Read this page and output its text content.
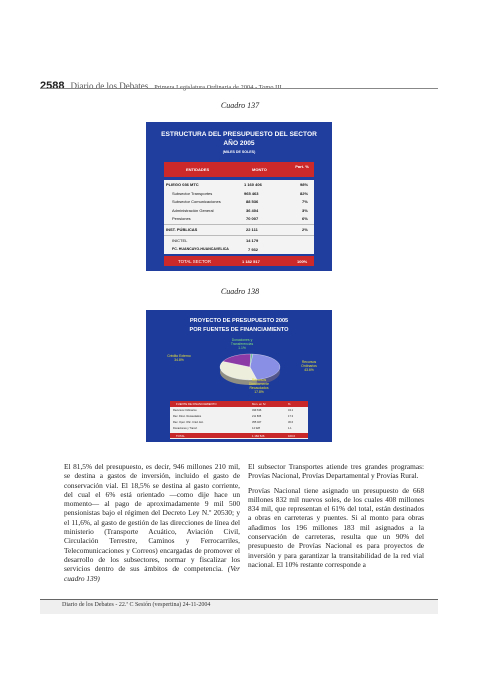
2588 Diario de los Debates Primera Legislatura Ordinaria de 2004 - Tomo III
Cuadro 137
ESTRUCTURA DEL PRESUPUESTO DEL SECTOR
AÑO 2005
(MILES DE SOLES)
ENTIDADES	MONTO
Part. %
PLIEGO 036 MTC	1 160 406	98%
Subsector Transportes	965 463	82%
Subsector Comunicaciones	88 536	7%
Administración General	36 404	3%
Pensiones	70 007	6%
INST. PÚBLICAS	22 111	2%
INICTEL	14 179
FC. HUANCAYO-HUANCAVELICA	7 932
TOTAL SECTOR	1 182 517	100%
Cuadro 138
PROYECTO DE PRESUPUESTO 2005
POR FUENTES DE FINANCIAMIENTO
Donaciones y
Transferencias
1.1%
Recursos
Ordinarios
43.6%
Recursos
Directamente
Recaudados
17.8%
Crédito Externo
34.8%
FUENTE DE FINANCIAMIENTO	Mon. en S/.	%
TOTAL	1 182 526	100.0
Recursos Ordinarios	499 636	43.1
Rec. Direc. Recaudados	211 835	17.3
Rec. Oper. Ofic. Créd. Ext.	355 027	30.6
Donaciones y Transf.	14 328	1.1

El 81,5% del presupuesto, es decir, 946 millones 210 mil, se destina a gastos de inversión, incluido el gasto de conservación vial. El 18,5% se destina al gasto corriente, del cual el 6% está orientado —como dije hace un momento— al pago de aproximadamente 9 mil 500 pensionistas bajo el régimen del Decreto Ley N.º 20530; y el 11,6%, al gasto de gestión de las direcciones de línea del ministerio (Transporte Acuático, Aviación Civil, Circulación Terrestre, Caminos y Ferrocarriles, Telecomunicaciones y Correos) encargadas de promover el desarrollo de los subsectores, normar y fiscalizar los servicios dentro de sus ámbitos de competencia. (Ver cuadro 139)

El subsector Transportes atiende tres grandes programas: Provías Nacional, Provías Departamental y Provías Rural.

Provías Nacional tiene asignado un presupuesto de 668 millones 832 mil nuevos soles, de los cuales 408 millones 834 mil, que representan el 61% del total, están destinados a obras en carreteras y puentes. Si al monto para obras añadimos los 196 millones 183 mil asignados a la conservación de carreteras, resulta que un 90% del presupuesto de Provías Nacional es para proyectos de inversión y para garantizar la transitabilidad de la red vial nacional. El 10% restante corresponde a

Diario de los Debates - 22.ª C Sesión (vespertina) 24-11-2004
